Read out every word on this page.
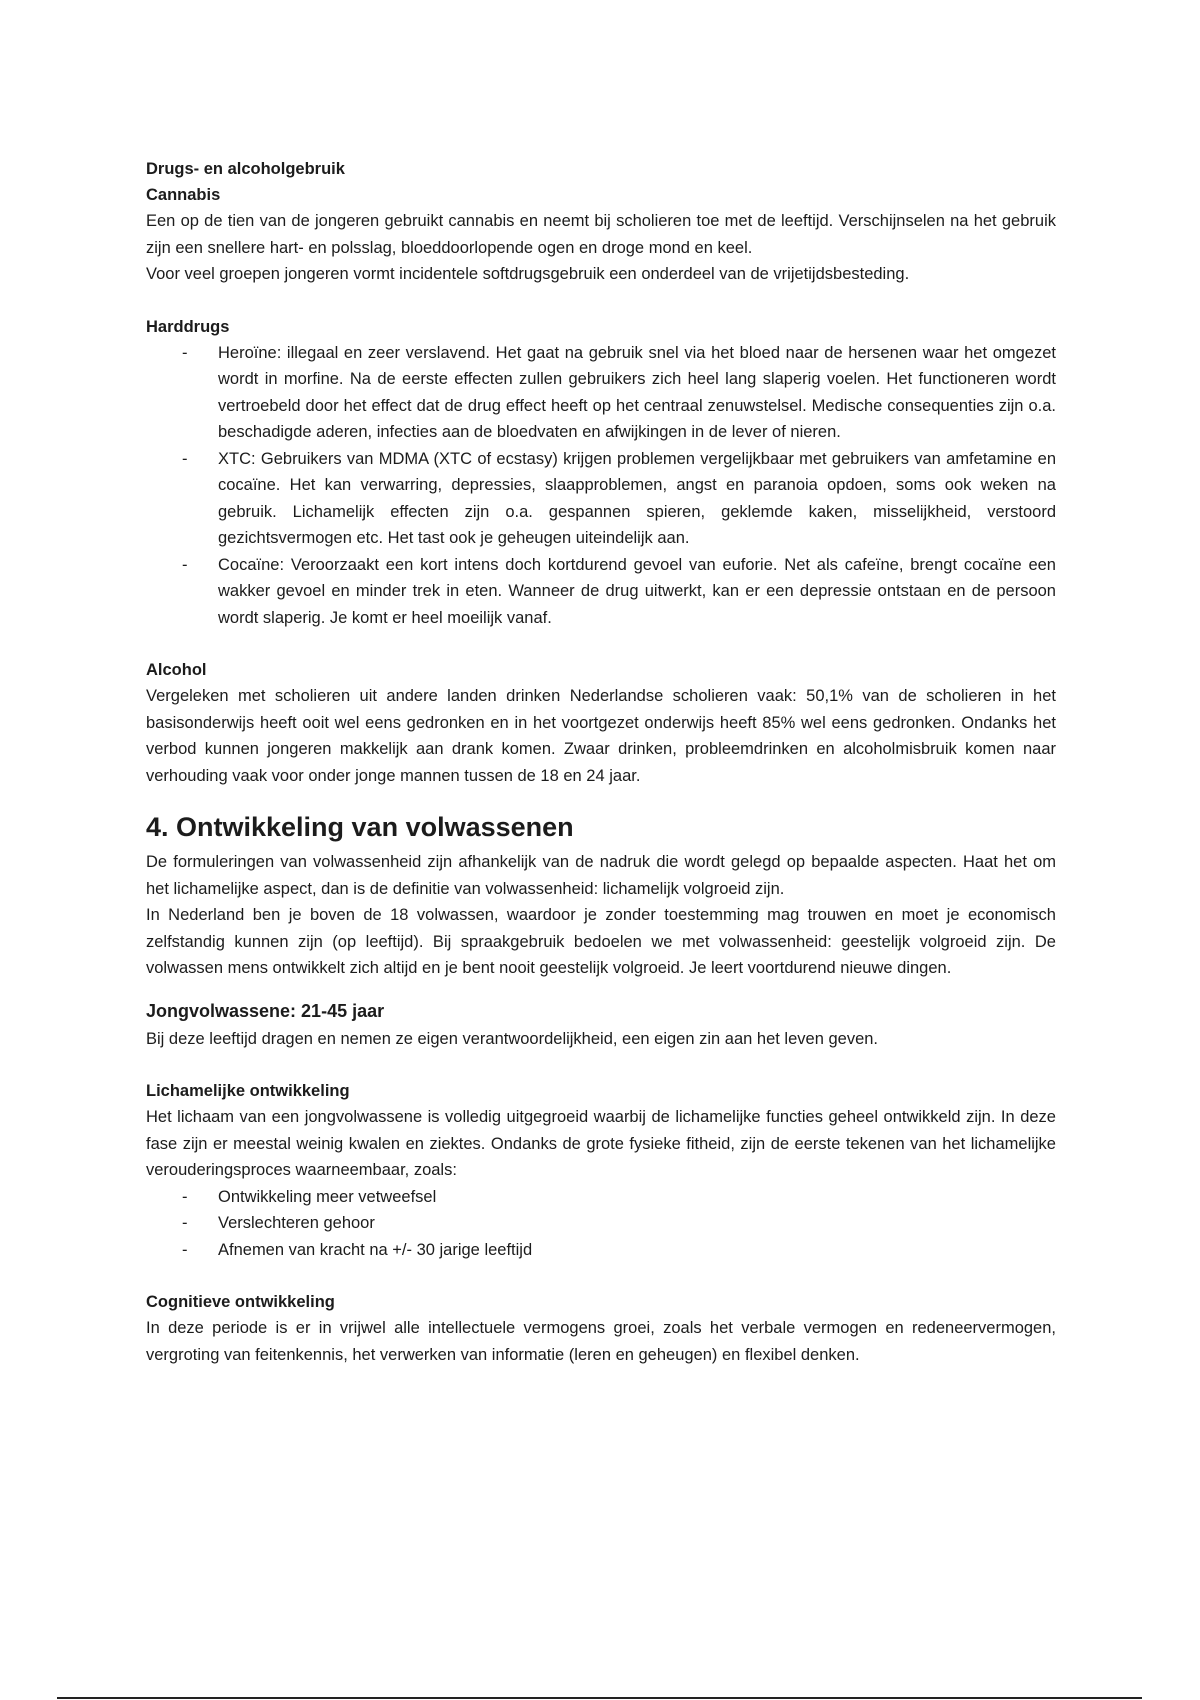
Drugs- en alcoholgebruik

Cannabis

Een op de tien van de jongeren gebruikt cannabis en neemt bij scholieren toe met de leeftijd. Verschijnselen na het gebruik zijn een snellere hart- en polsslag, bloeddoorlopende ogen en droge mond en keel.

Voor veel groepen jongeren vormt incidentele softdrugsgebruik een onderdeel van de vrijetijdsbesteding.

Harddrugs

- Heroïne: illegaal en zeer verslavend. Het gaat na gebruik snel via het bloed naar de hersenen waar het omgezet wordt in morfine. Na de eerste effecten zullen gebruikers zich heel lang slaperig voelen. Het functioneren wordt vertroebeld door het effect dat de drug effect heeft op het centraal zenuwstelsel. Medische consequenties zijn o.a. beschadigde aderen, infecties aan de bloedvaten en afwijkingen in de lever of nieren.
- XTC: Gebruikers van MDMA (XTC of ecstasy) krijgen problemen vergelijkbaar met gebruikers van amfetamine en cocaïne. Het kan verwarring, depressies, slaapproblemen, angst en paranoia opdoen, soms ook weken na gebruik. Lichamelijk effecten zijn o.a. gespannen spieren, geklemde kaken, misselijkheid, verstoord gezichtsvermogen etc. Het tast ook je geheugen uiteindelijk aan.
- Cocaïne: Veroorzaakt een kort intens doch kortdurend gevoel van euforie. Net als cafeïne, brengt cocaïne een wakker gevoel en minder trek in eten. Wanneer de drug uitwerkt, kan er een depressie ontstaan en de persoon wordt slaperig. Je komt er heel moeilijk vanaf.

Alcohol

Vergeleken met scholieren uit andere landen drinken Nederlandse scholieren vaak: 50,1% van de scholieren in het basisonderwijs heeft ooit wel eens gedronken en in het voortgezet onderwijs heeft 85% wel eens gedronken. Ondanks het verbod kunnen jongeren makkelijk aan drank komen. Zwaar drinken, probleemdrinken en alcoholmisbruik komen naar verhouding vaak voor onder jonge mannen tussen de 18 en 24 jaar.

4. Ontwikkeling van volwassenen

De formuleringen van volwassenheid zijn afhankelijk van de nadruk die wordt gelegd op bepaalde aspecten. Haat het om het lichamelijke aspect, dan is de definitie van volwassenheid: lichamelijk volgroeid zijn.

In Nederland ben je boven de 18 volwassen, waardoor je zonder toestemming mag trouwen en moet je economisch zelfstandig kunnen zijn (op leeftijd). Bij spraakgebruik bedoelen we met volwassenheid: geestelijk volgroeid zijn. De volwassen mens ontwikkelt zich altijd en je bent nooit geestelijk volgroeid. Je leert voortdurend nieuwe dingen.

Jongvolwassene: 21-45 jaar

Bij deze leeftijd dragen en nemen ze eigen verantwoordelijkheid, een eigen zin aan het leven geven.

Lichamelijke ontwikkeling

Het lichaam van een jongvolwassene is volledig uitgegroeid waarbij de lichamelijke functies geheel ontwikkeld zijn. In deze fase zijn er meestal weinig kwalen en ziektes. Ondanks de grote fysieke fitheid, zijn de eerste tekenen van het lichamelijke verouderingsproces waarneembaar, zoals:

- Ontwikkeling meer vetweefsel
- Verslechteren gehoor
- Afnemen van kracht na +/- 30 jarige leeftijd

Cognitieve ontwikkeling

In deze periode is er in vrijwel alle intellectuele vermogens groei, zoals het verbale vermogen en redeneervermogen, vergroting van feitenkennis, het verwerken van informatie (leren en geheugen) en flexibel denken.
